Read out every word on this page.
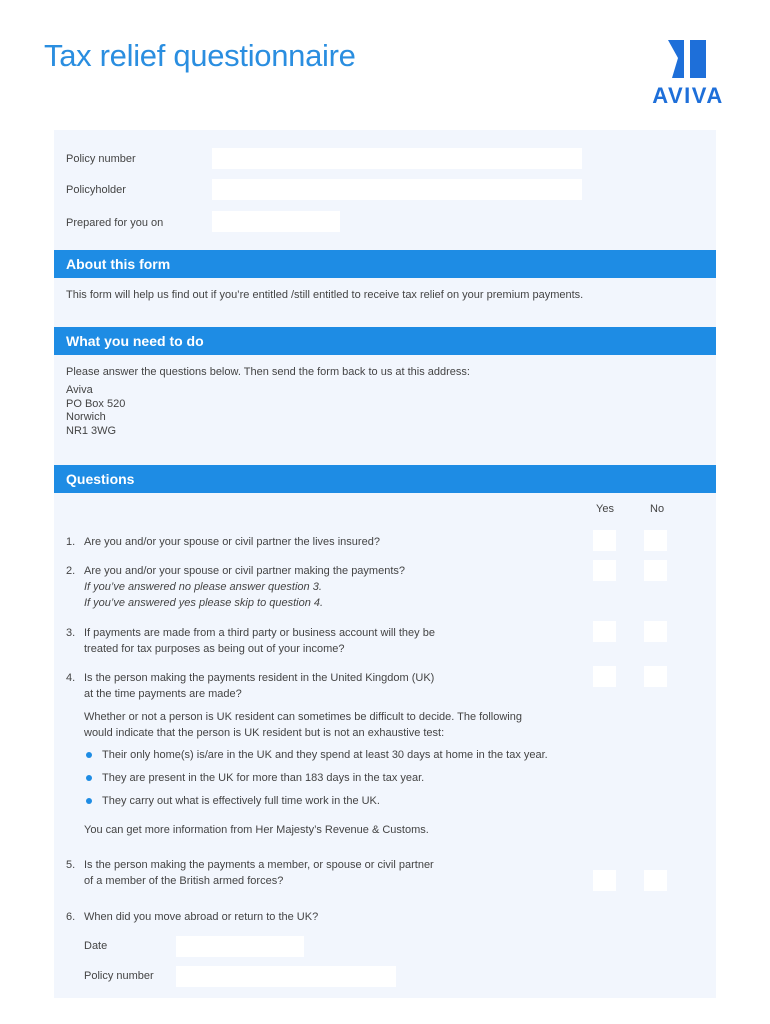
Tax relief questionnaire
AVIVA
Policy number
Policyholder
Prepared for you on
About this form
This form will help us find out if you’re entitled /still entitled to receive tax relief on your premium payments.
What you need to do
Please answer the questions below. Then send the form back to us at this address:
Aviva
PO Box 520
Norwich
NR1 3WG
Questions
Yes	No
1. Are you and/or your spouse or civil partner the lives insured?
2. Are you and/or your spouse or civil partner making the payments?
If you’ve answered no please answer question 3.
If you’ve answered yes please skip to question 4.
3. If payments are made from a third party or business account will they be
treated for tax purposes as being out of your income?
4. Is the person making the payments resident in the United Kingdom (UK)
at the time payments are made?
Whether or not a person is UK resident can sometimes be difficult to decide. The following
would indicate that the person is UK resident but is not an exhaustive test:
Their only home(s) is/are in the UK and they spend at least 30 days at home in the tax year.
They are present in the UK for more than 183 days in the tax year.
They carry out what is effectively full time work in the UK.
You can get more information from Her Majesty’s Revenue & Customs.
5. Is the person making the payments a member, or spouse or civil partner
of a member of the British armed forces?
6. When did you move abroad or return to the UK?
Date
Policy number
